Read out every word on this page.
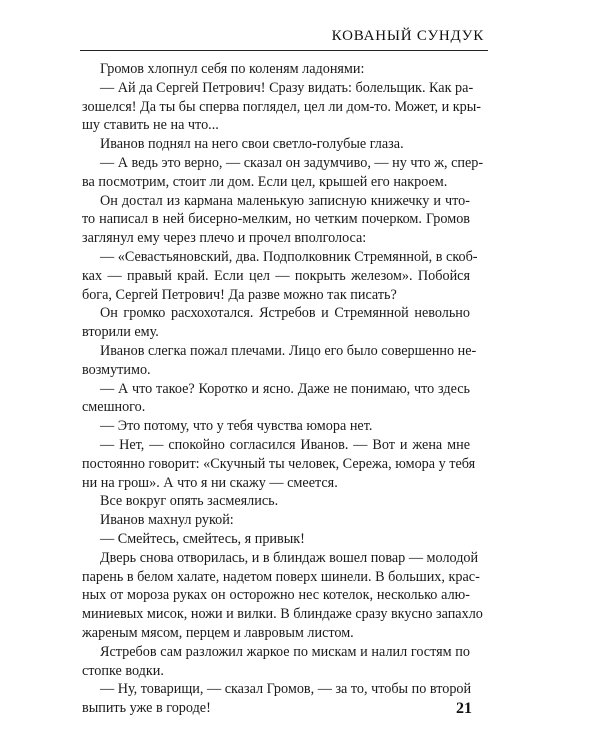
КОВАНЫЙ СУНДУК

Громов хлопнул себя по коленям ладонями:

— Ай да Сергей Петрович! Сразу видать: болельщик. Как ра-
зошелся! Да ты бы сперва поглядел, цел ли дом-то. Может, и кры-
шу ставить не на что...

Иванов поднял на него свои светло-голубые глаза.

— А ведь это верно, — сказал он задумчиво, — ну что ж, спер-
ва посмотрим, стоит ли дом. Если цел, крышей его накроем.

Он достал из кармана маленькую записную книжечку и что-
то написал в ней бисерно-мелким, но четким почерком. Громов
заглянул ему через плечо и прочел вполголоса:

— «Севастьяновский, два. Подполковник Стремянной, в скоб-
ках — правый край. Если цел — покрыть железом». Побойся
бога, Сергей Петрович! Да разве можно так писать?

Он громко расхохотался. Ястребов и Стремянной невольно
вторили ему.

Иванов слегка пожал плечами. Лицо его было совершенно не-
возмутимо.

— А что такое? Коротко и ясно. Даже не понимаю, что здесь
смешного.

— Это потому, что у тебя чувства юмора нет.

— Нет, — спокойно согласился Иванов. — Вот и жена мне
постоянно говорит: «Скучный ты человек, Сережа, юмора у тебя
ни на грош». А что я ни скажу — смеется.

Все вокруг опять засмеялись.

Иванов махнул рукой:

— Смейтесь, смейтесь, я привык!

Дверь снова отворилась, и в блиндаж вошел повар — молодой
парень в белом халате, надетом поверх шинели. В больших, крас-
ных от мороза руках он осторожно нес котелок, несколько алю-
миниевых мисок, ножи и вилки. В блиндаже сразу вкусно запахло
жареным мясом, перцем и лавровым листом.

Ястребов сам разложил жаркое по мискам и налил гостям по
стопке водки.

— Ну, товарищи, — сказал Громов, — за то, чтобы по второй
выпить уже в городе!	21
